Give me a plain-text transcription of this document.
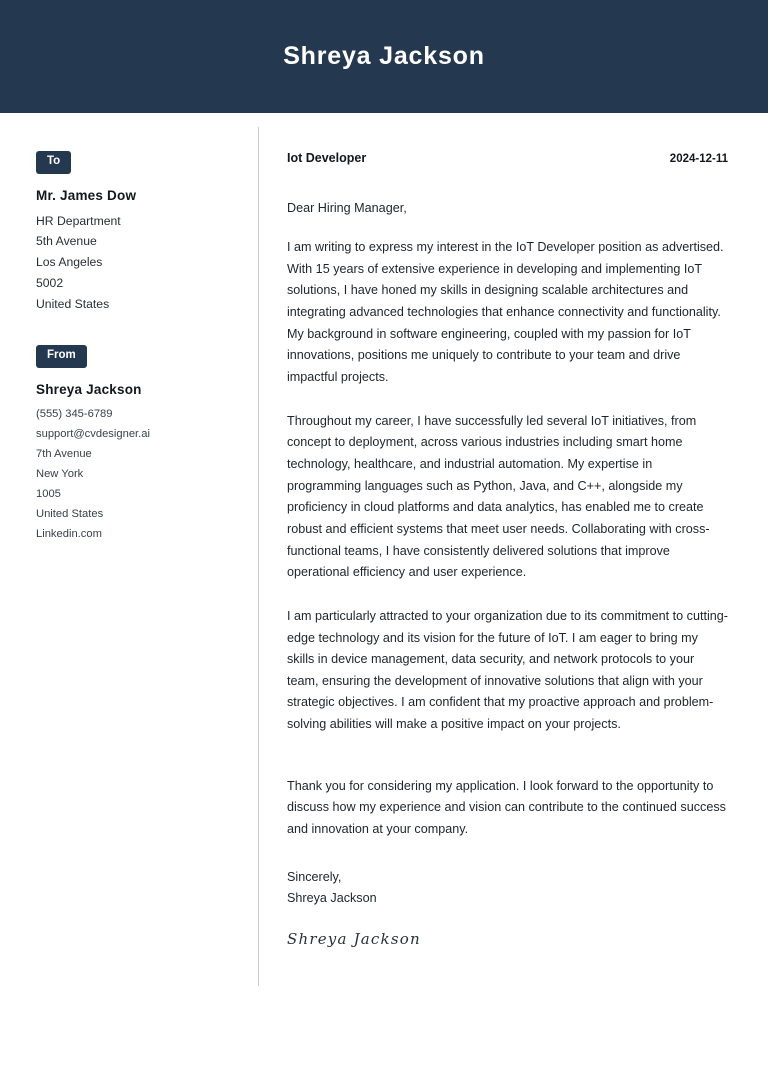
Shreya Jackson
To
Mr. James Dow
HR Department
5th Avenue
Los Angeles
5002
United States
From
Shreya Jackson
(555) 345-6789
support@cvdesigner.ai
7th Avenue
New York
1005
United States
Linkedin.com
Iot Developer	2024-12-11
Dear Hiring Manager,

I am writing to express my interest in the IoT Developer position as advertised. With 15 years of extensive experience in developing and implementing IoT solutions, I have honed my skills in designing scalable architectures and integrating advanced technologies that enhance connectivity and functionality. My background in software engineering, coupled with my passion for IoT innovations, positions me uniquely to contribute to your team and drive impactful projects.

Throughout my career, I have successfully led several IoT initiatives, from concept to deployment, across various industries including smart home technology, healthcare, and industrial automation. My expertise in programming languages such as Python, Java, and C++, alongside my proficiency in cloud platforms and data analytics, has enabled me to create robust and efficient systems that meet user needs. Collaborating with cross-functional teams, I have consistently delivered solutions that improve operational efficiency and user experience.

I am particularly attracted to your organization due to its commitment to cutting-edge technology and its vision for the future of IoT. I am eager to bring my skills in device management, data security, and network protocols to your team, ensuring the development of innovative solutions that align with your strategic objectives. I am confident that my proactive approach and problem-solving abilities will make a positive impact on your projects.

Thank you for considering my application. I look forward to the opportunity to discuss how my experience and vision can contribute to the continued success and innovation at your company.

Sincerely,
Shreya Jackson
Shreya Jackson
